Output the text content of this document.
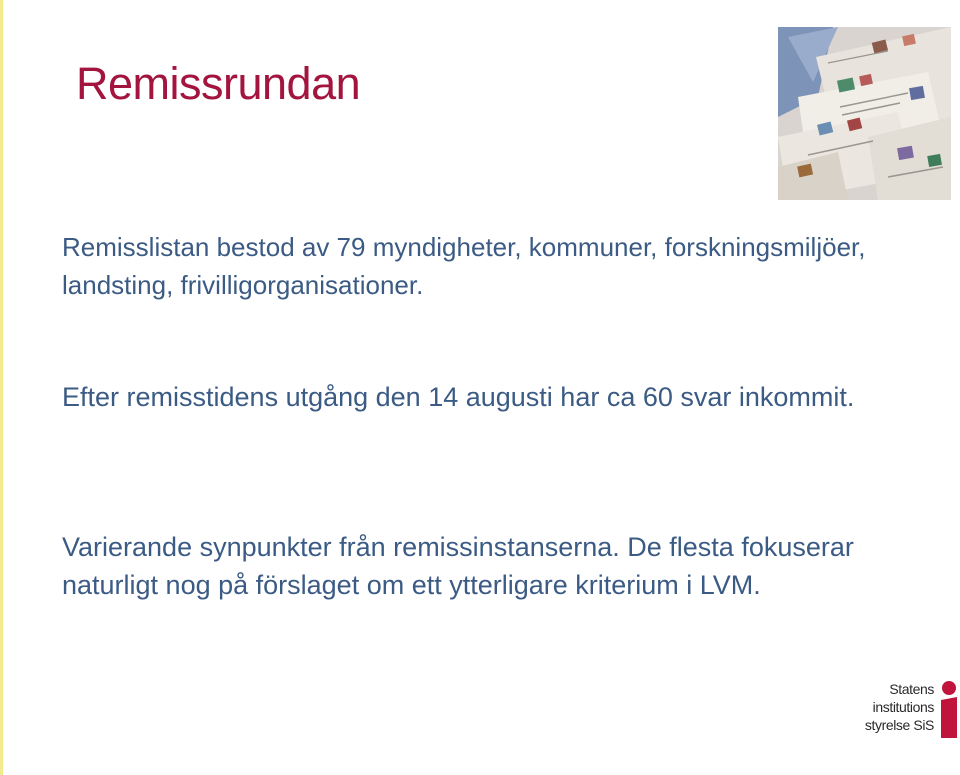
Remissrundan

Remisslistan bestod av 79 myndigheter, kommuner, forskningsmiljöer, landsting, frivilligorganisationer.

Efter remisstidens utgång den 14 augusti har ca 60 svar inkommit.

Varierande synpunkter från remissinstanserna. De flesta fokuserar naturligt nog på förslaget om ett ytterligare kriterium i LVM.

Statens
institutions
styrelse SiS
